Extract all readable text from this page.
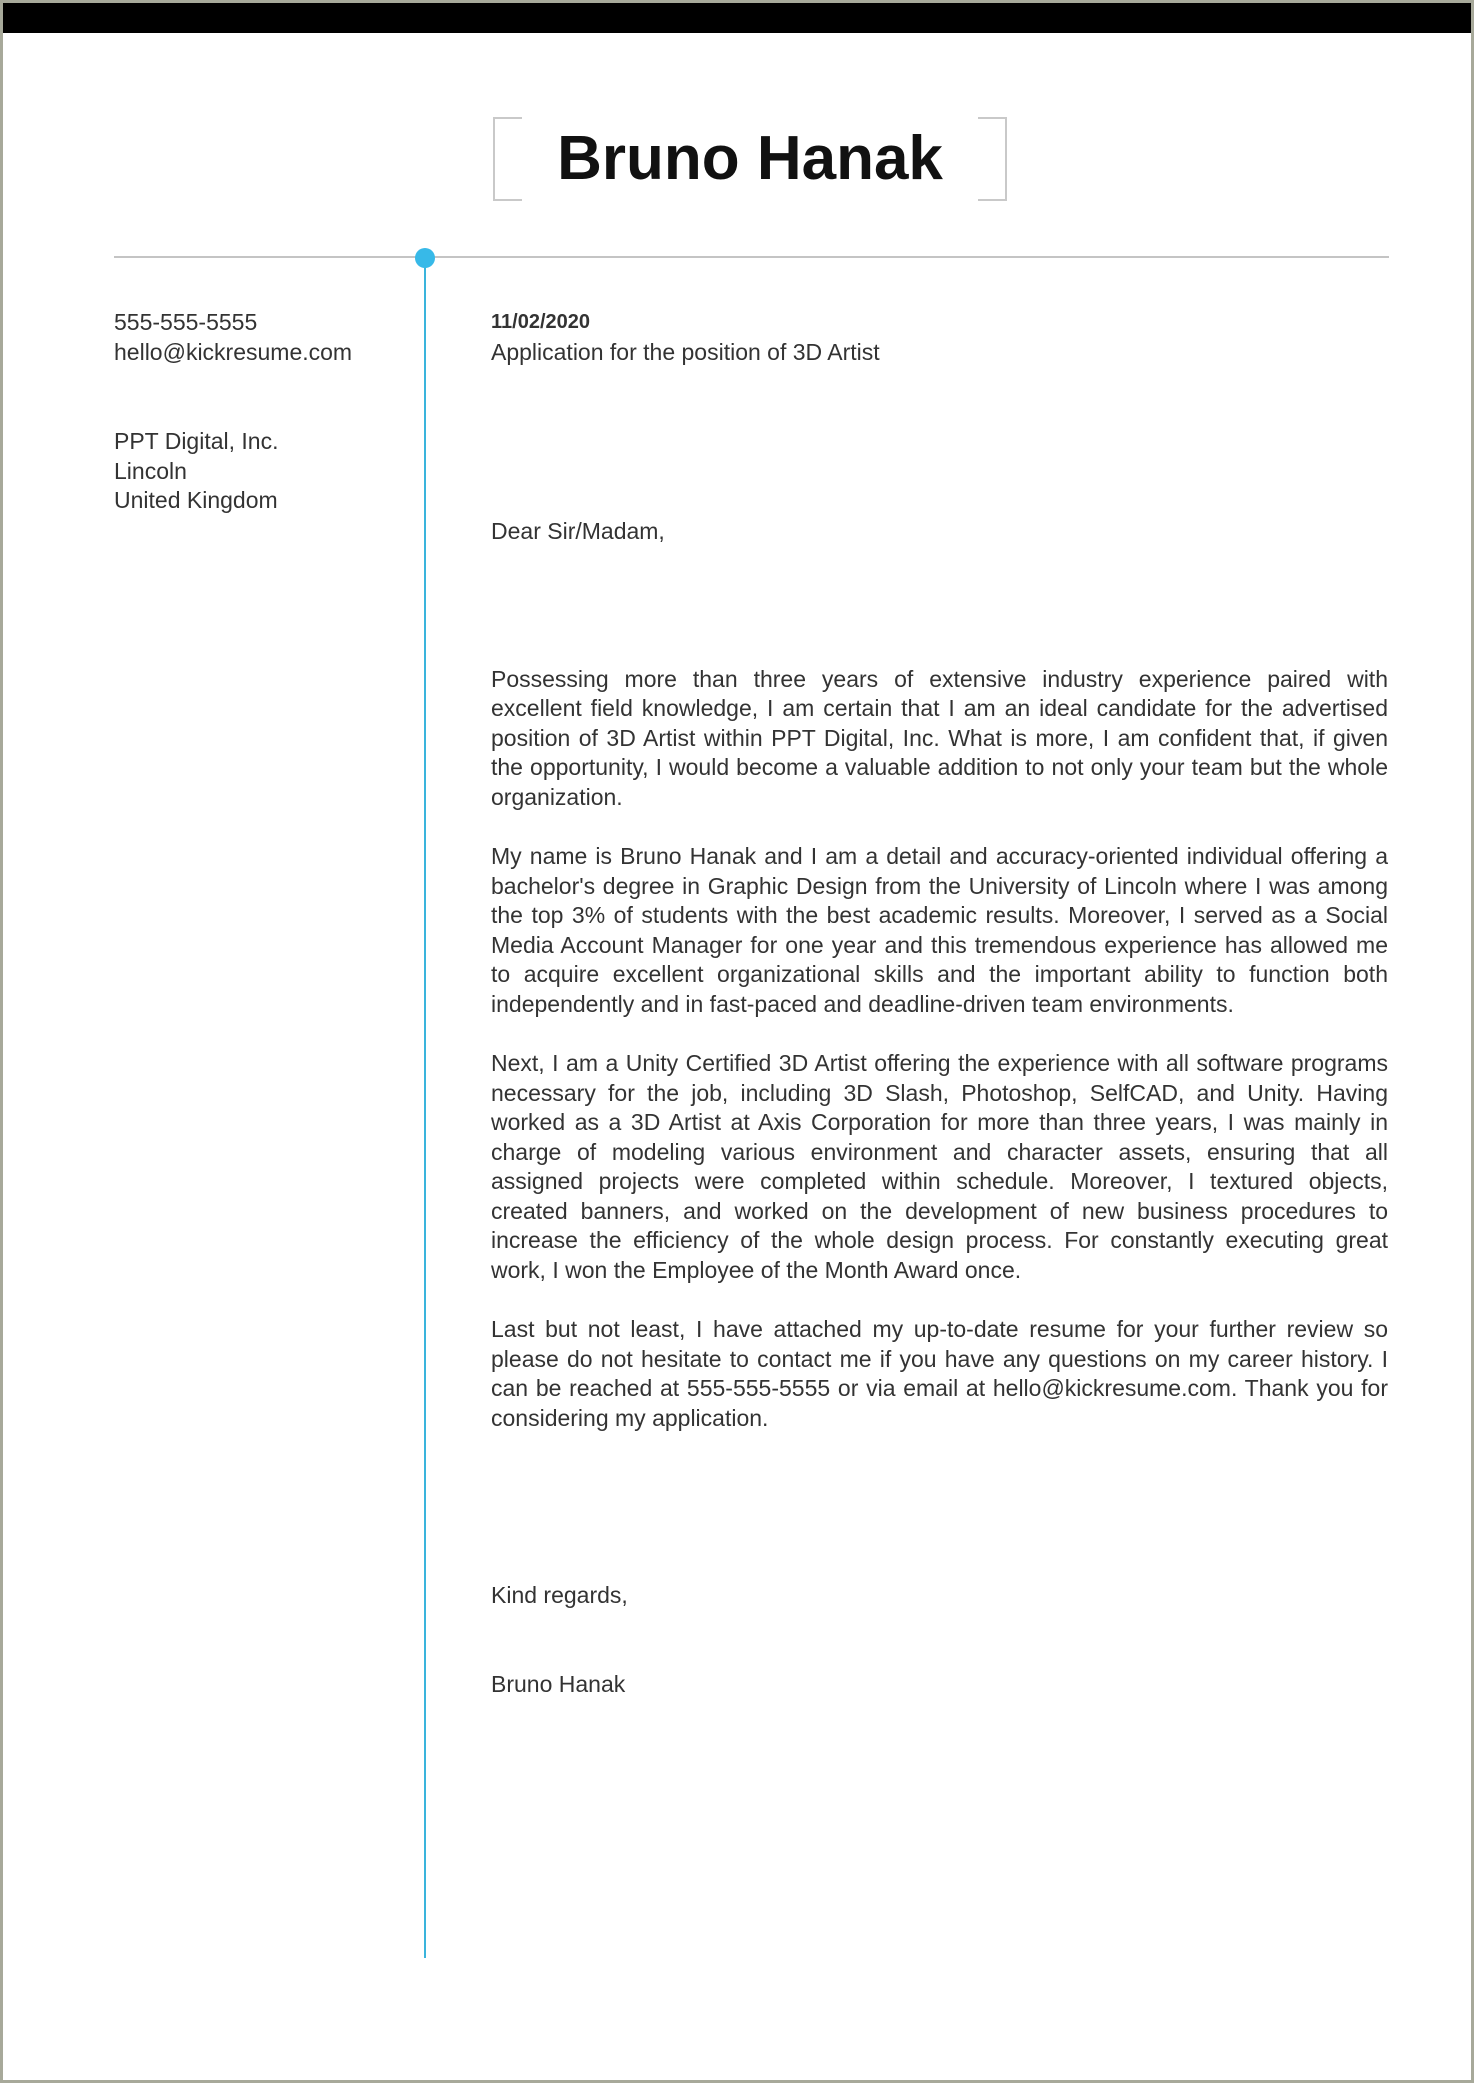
Bruno Hanak
555-555-5555
hello@kickresume.com
PPT Digital, Inc.
Lincoln
United Kingdom
11/02/2020
Application for the position of 3D Artist
Dear Sir/Madam,

Possessing more than three years of extensive industry experience paired with excellent field knowledge, I am certain that I am an ideal candidate for the advertised position of 3D Artist within PPT Digital, Inc. What is more, I am confident that, if given the opportunity, I would become a valuable addition to not only your team but the whole organization.

My name is Bruno Hanak and I am a detail and accuracy-oriented individual offering a bachelor's degree in Graphic Design from the University of Lincoln where I was among the top 3% of students with the best academic results. Moreover, I served as a Social Media Account Manager for one year and this tremendous experience has allowed me to acquire excellent organizational skills and the important ability to function both independently and in fast-paced and deadline-driven team environments.

Next, I am a Unity Certified 3D Artist offering the experience with all software programs necessary for the job, including 3D Slash, Photoshop, SelfCAD, and Unity. Having worked as a 3D Artist at Axis Corporation for more than three years, I was mainly in charge of modeling various environment and character assets, ensuring that all assigned projects were completed within schedule. Moreover, I textured objects, created banners, and worked on the development of new business procedures to increase the efficiency of the whole design process. For constantly executing great work, I won the Employee of the Month Award once.

Last but not least, I have attached my up-to-date resume for your further review so please do not hesitate to contact me if you have any questions on my career history. I can be reached at 555-555-5555 or via email at hello@kickresume.com. Thank you for considering my application.

Kind regards,
Bruno Hanak
